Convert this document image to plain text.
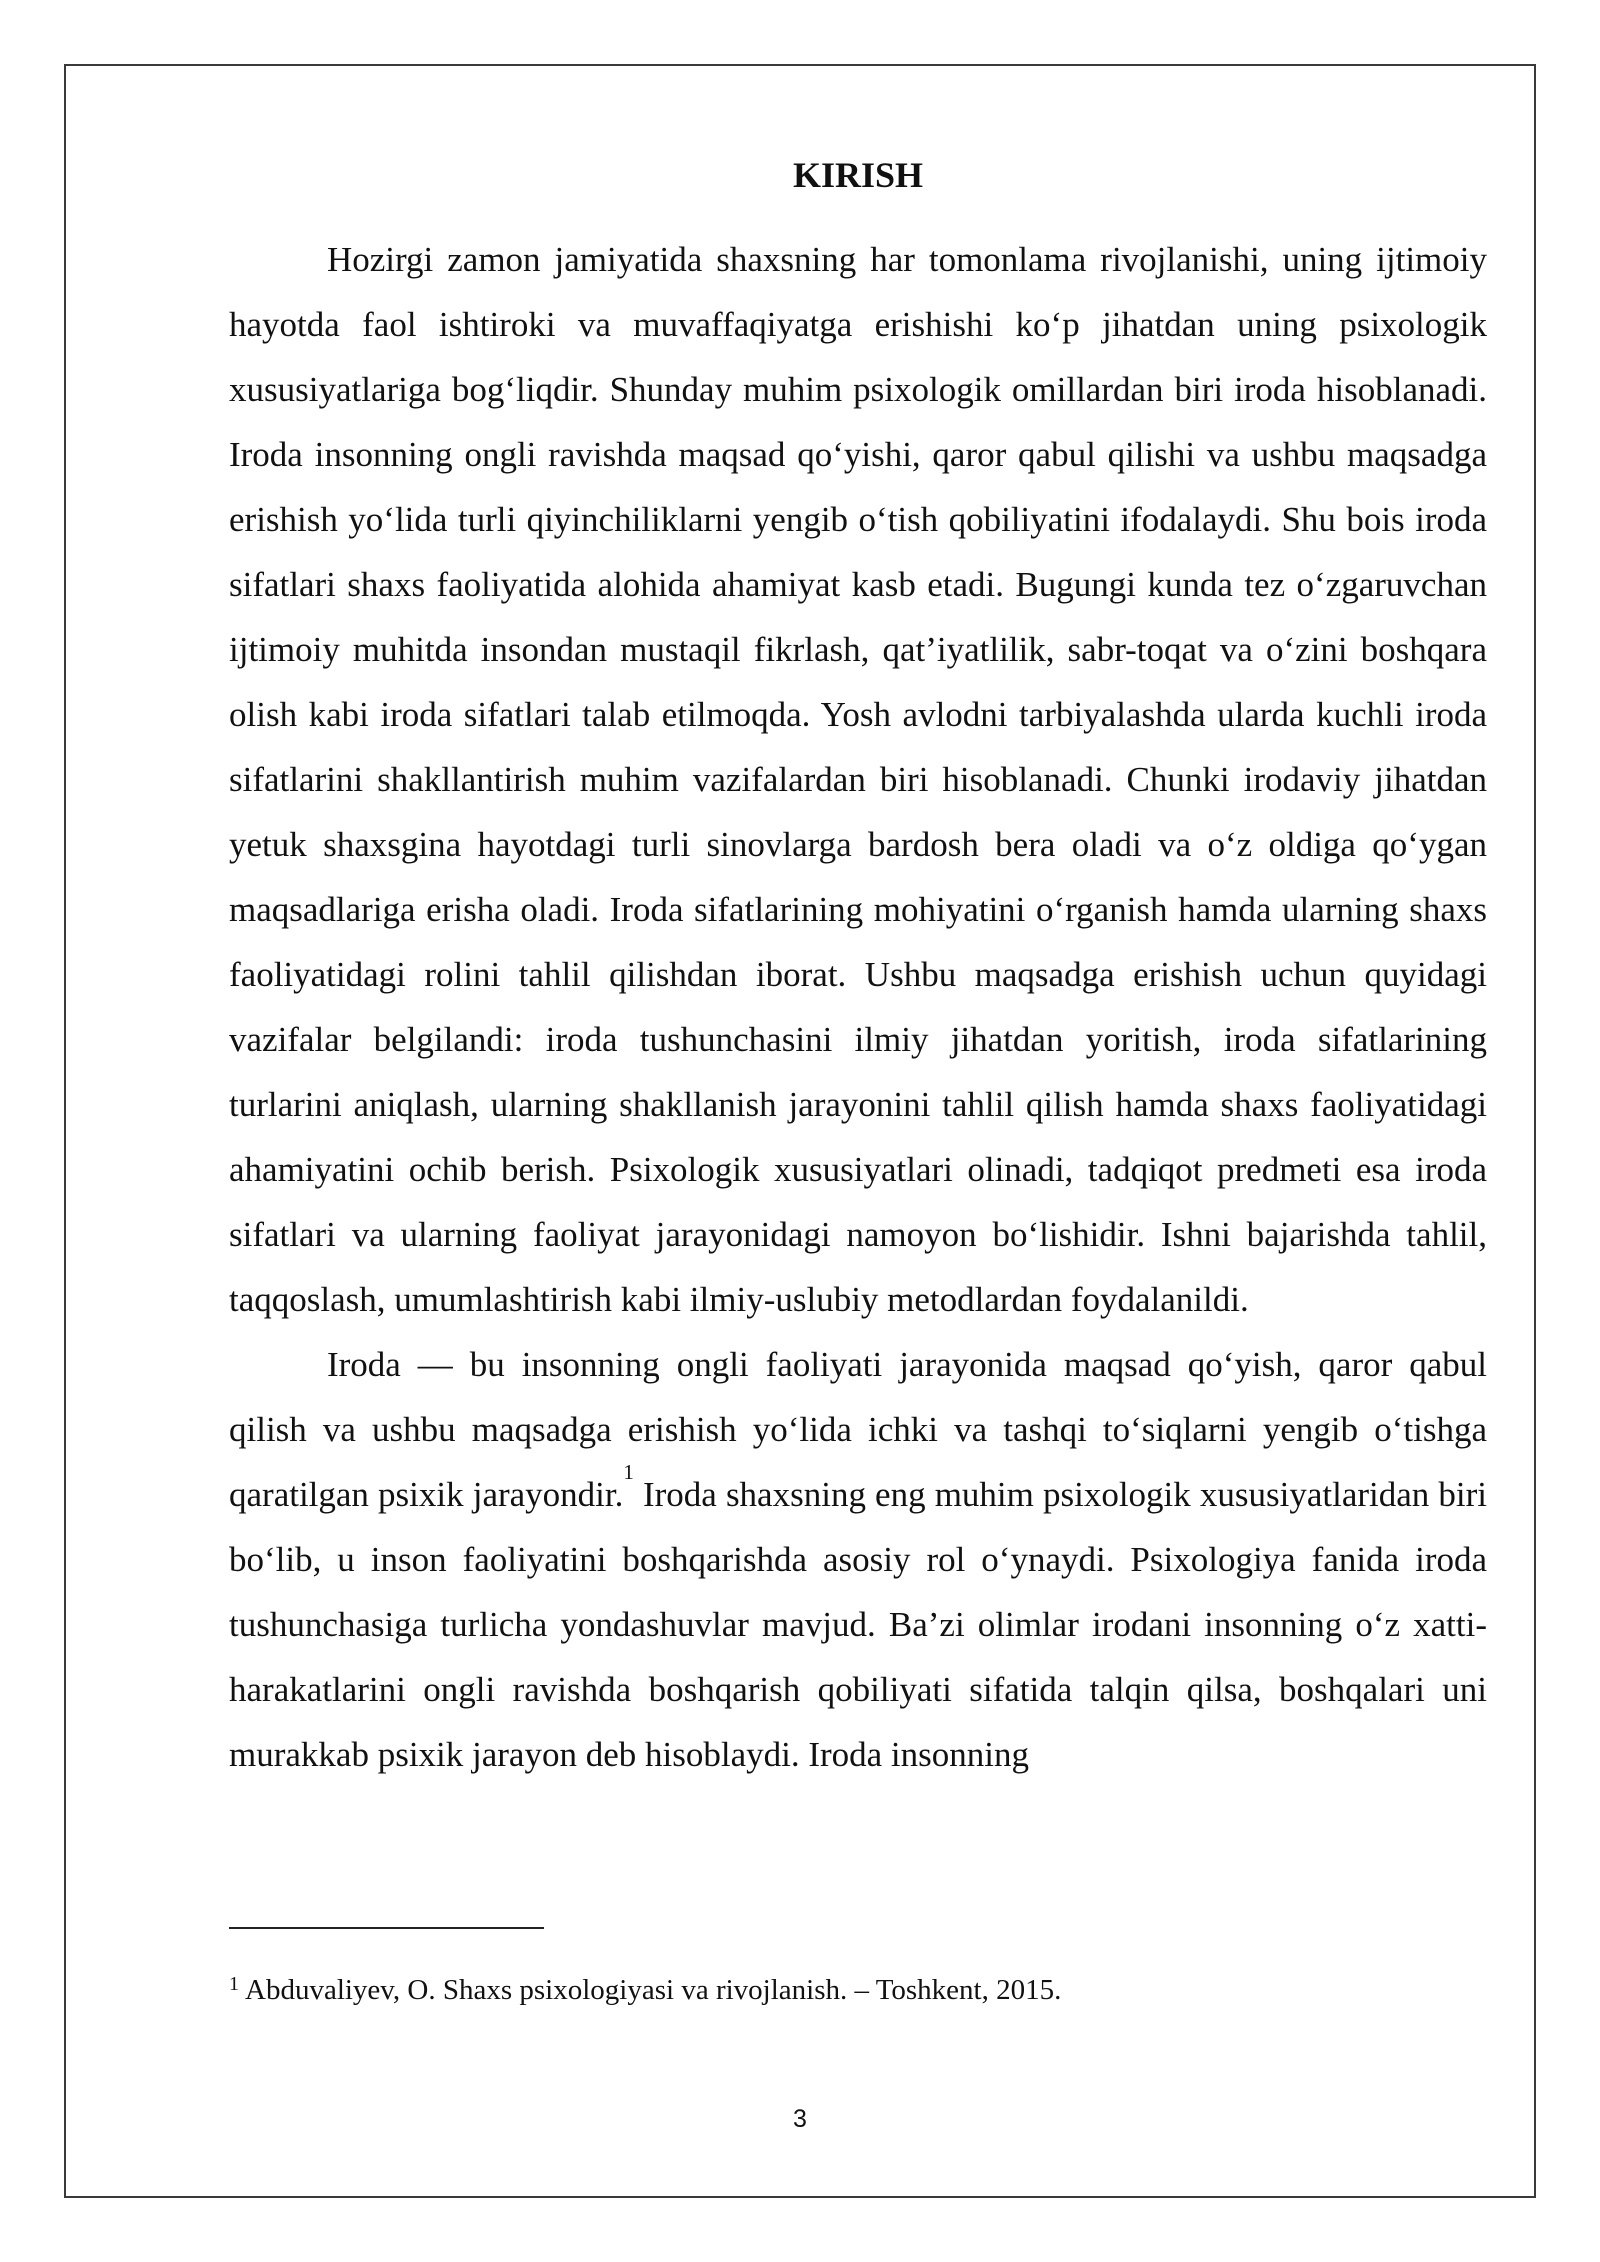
KIRISH

Hozirgi zamon jamiyatida shaxsning har tomonlama rivojlanishi, uning ijtimoiy hayotda faol ishtiroki va muvaffaqiyatga erishishi ko‘p jihatdan uning psixologik xususiyatlariga bog‘liqdir. Shunday muhim psixologik omillardan biri iroda hisoblanadi. Iroda insonning ongli ravishda maqsad qo‘yishi, qaror qabul qilishi va ushbu maqsadga erishish yo‘lida turli qiyinchiliklarni yengib o‘tish qobiliyatini ifodalaydi. Shu bois iroda sifatlari shaxs faoliyatida alohida ahamiyat kasb etadi. Bugungi kunda tez o‘zgaruvchan ijtimoiy muhitda insondan mustaqil fikrlash, qat’iyatlilik, sabr-toqat va o‘zini boshqara olish kabi iroda sifatlari talab etilmoqda. Yosh avlodni tarbiyalashda ularda kuchli iroda sifatlarini shakllantirish muhim vazifalardan biri hisoblanadi. Chunki irodaviy jihatdan yetuk shaxsgina hayotdagi turli sinovlarga bardosh bera oladi va o‘z oldiga qo‘ygan maqsadlariga erisha oladi. Iroda sifatlarining mohiyatini o‘rganish hamda ularning shaxs faoliyatidagi rolini tahlil qilishdan iborat. Ushbu maqsadga erishish uchun quyidagi vazifalar belgilandi: iroda tushunchasini ilmiy jihatdan yoritish, iroda sifatlarining turlarini aniqlash, ularning shakllanish jarayonini tahlil qilish hamda shaxs faoliyatidagi ahamiyatini ochib berish. Psixologik xususiyatlari olinadi, tadqiqot predmeti esa iroda sifatlari va ularning faoliyat jarayonidagi namoyon bo‘lishidir. Ishni bajarishda tahlil, taqqoslash, umumlashtirish kabi ilmiy-uslubiy metodlardan foydalanildi.

Iroda — bu insonning ongli faoliyati jarayonida maqsad qo‘yish, qaror qabul qilish va ushbu maqsadga erishish yo‘lida ichki va tashqi to‘siqlarni yengib o‘tishga qaratilgan psixik jarayondir.$^1$ Iroda shaxsning eng muhim psixologik xususiyatlaridan biri bo‘lib, u inson faoliyatini boshqarishda asosiy rol o‘ynaydi. Psixologiya fanida iroda tushunchasiga turlicha yondashuvlar mavjud. Ba’zi olimlar irodani insonning o‘z xatti-harakatlarini ongli ravishda boshqarish qobiliyati sifatida talqin qilsa, boshqalari uni murakkab psixik jarayon deb hisoblaydi. Iroda insonning

$^1$ Abduvaliyev, O. Shaxs psixologiyasi va rivojlanish. – Toshkent, 2015.

3
